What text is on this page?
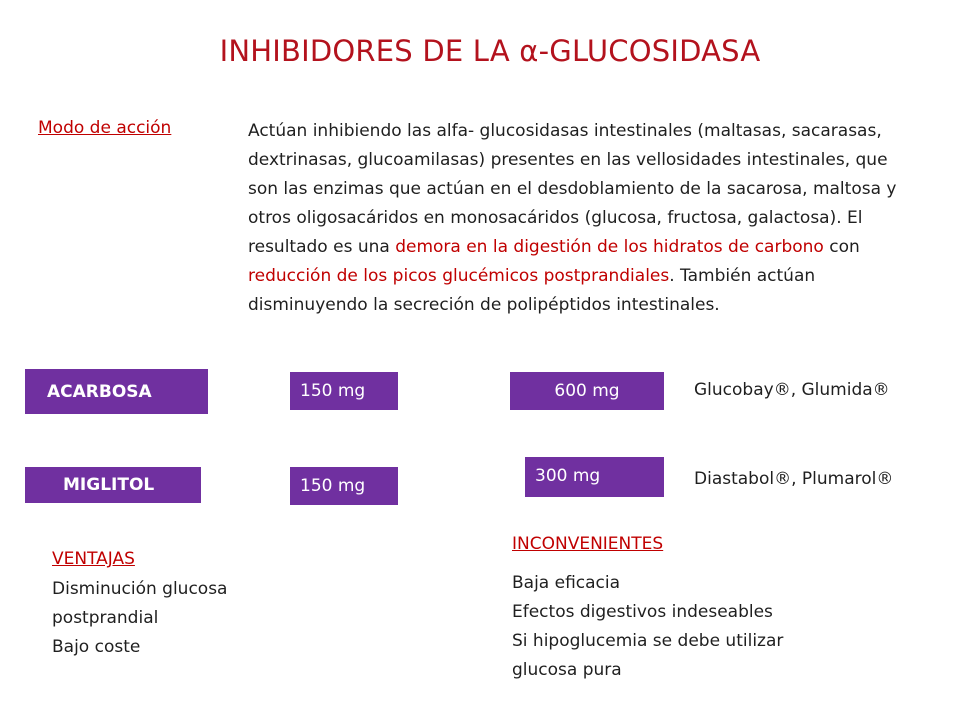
INHIBIDORES DE LA α-GLUCOSIDASA
Modo de acción	Actúan inhibiendo las alfa- glucosidasas intestinales (maltasas, sacarasas, dextrinasas, glucoamilasas) presentes en las vellosidades intestinales, que son las enzimas que actúan en el desdoblamiento de la sacarosa, maltosa y otros oligosacáridos en monosacáridos (glucosa, fructosa, galactosa). El resultado es una demora en la digestión de los hidratos de carbono con reducción de los picos glucémicos postprandiales. También actúan disminuyendo la secreción de polipéptidos intestinales.
ACARBOSA	150 mg	600 mg	Glucobay®, Glumida®
MIGLITOL	150 mg	300 mg	Diastabol®, Plumarol®
VENTAJAS
Disminución glucosa
postprandial
Bajo coste
INCONVENIENTES
Baja eficacia
Efectos digestivos indeseables
Si hipoglucemia se debe utilizar
glucosa pura
